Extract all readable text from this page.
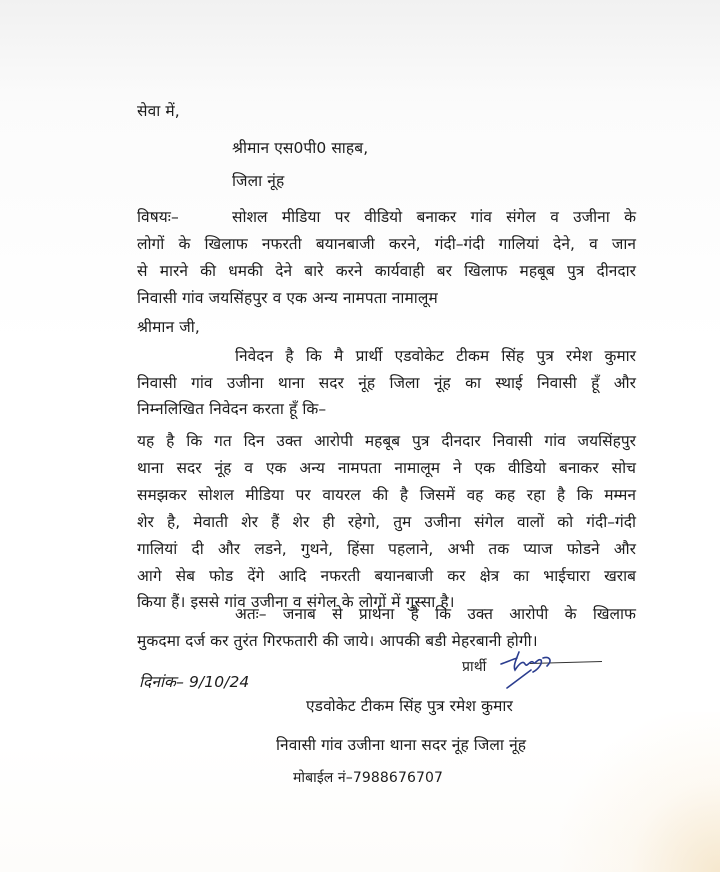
सेवा में,
श्रीमान एस0पी0 साहब,
जिला नूंह
विषयः–	सोशल मीडिया पर वीडियो बनाकर गांव संगेल व उजीना के
लोगों के खिलाफ नफरती बयानबाजी करने, गंदी–गंदी गालियां देने, व जान
से मारने की धमकी देने बारे करने कार्यवाही बर खिलाफ महबूब पुत्र दीनदार
निवासी गांव जयसिंहपुर व एक अन्य नामपता नामालूम
श्रीमान जी,
निवेदन है कि मै प्रार्थी एडवोकेट टीकम सिंह पुत्र रमेश कुमार
निवासी गांव उजीना थाना सदर नूंह जिला नूंह का स्थाई निवासी हूँ और
निम्नलिखित निवेदन करता हूँ कि–
यह है कि गत दिन उक्त आरोपी महबूब पुत्र दीनदार निवासी गांव जयसिंहपुर
थाना सदर नूंह व एक अन्य नामपता नामालूम ने एक वीडियो बनाकर सोच
समझकर सोशल मीडिया पर वायरल की है जिसमें वह कह रहा है कि मम्मन
शेर है, मेवाती शेर हैं शेर ही रहेगो, तुम उजीना संगेल वालों को गंदी–गंदी
गालियां दी और लडने, गुथने, हिंसा पहलाने, अभी तक प्याज फोडने और
आगे सेब फोड देंगे आदि नफरती बयानबाजी कर क्षेत्र का भाईचारा खराब
किया हैं। इससे गांव उजीना व संगेल के लोगों में गुस्सा है।
अतः– जनाब से प्रार्थना है कि उक्त आरोपी के खिलाफ
मुकदमा दर्ज कर तुरंत गिरफतारी की जाये। आपकी बडी मेहरबानी होगी।
दिनांक– 9/10/24
प्रार्थी
एडवोकेट टीकम सिंह पुत्र रमेश कुमार
निवासी गांव उजीना थाना सदर नूंह जिला नूंह
मोबाईल नं–7988676707
